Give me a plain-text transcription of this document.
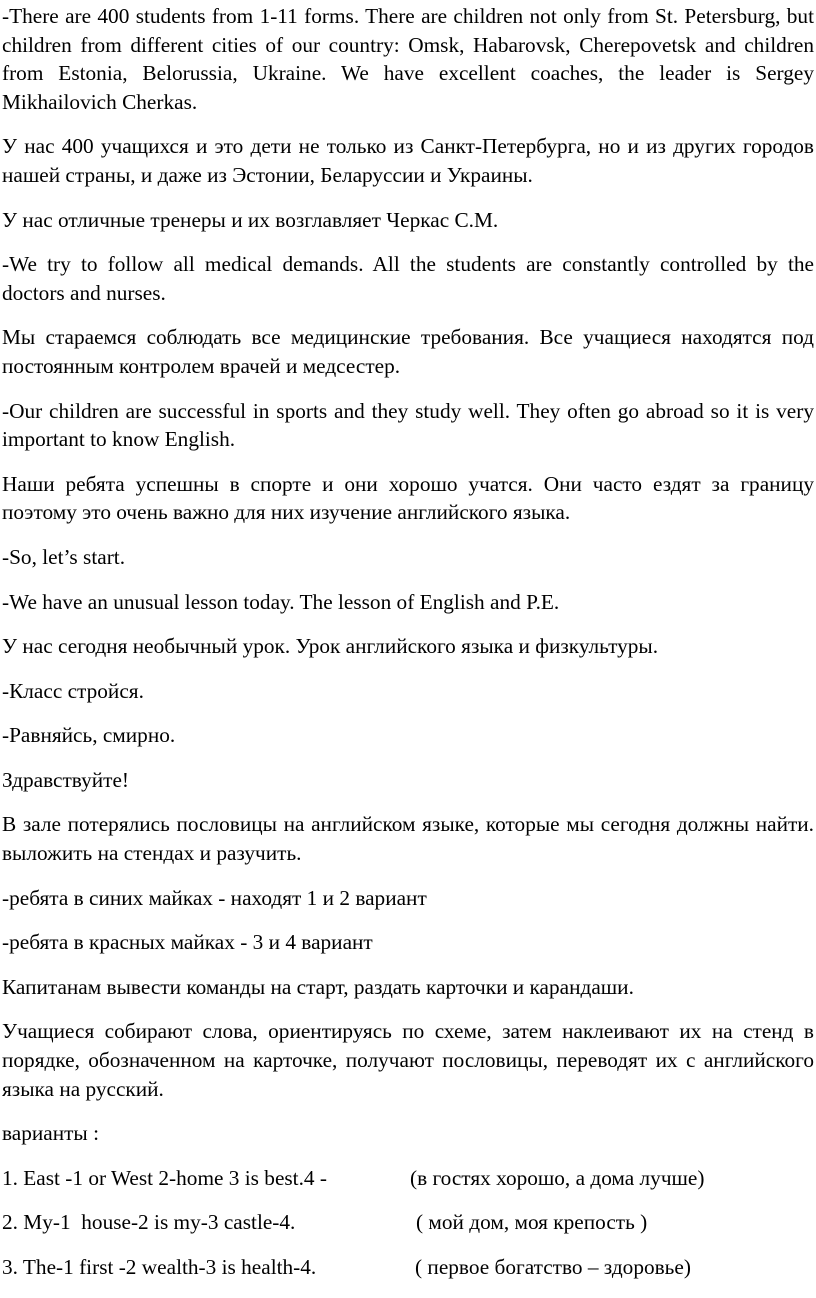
-There are 400 students from 1-11 forms. There are children not only from St. Petersburg, but children from different cities of our country: Omsk, Habarovsk, Cherepovetsk and children from Estonia, Belorussia, Ukraine. We have excellent coaches, the leader is Sergey Mikhailovich Cherkas.

У нас 400 учащихся и это дети не только из Санкт-Петербурга, но и из других городов нашей страны, и даже из Эстонии, Беларуссии и Украины.

У нас отличные тренеры и их возглавляет Черкас С.М.

-We try to follow all medical demands. All the students are constantly controlled by the doctors and nurses.

Мы стараемся соблюдать все медицинские требования. Все учащиеся находятся под постоянным контролем врачей и медсестер.

-Our children are successful in sports and they study well. They often go abroad so it is very important to know English.

Наши ребята успешны в спорте и они хорошо учатся. Они часто ездят за границу поэтому это очень важно для них изучение английского языка.

-So, let’s start.

-We have an unusual lesson today. The lesson of English and P.E.

У нас сегодня необычный урок. Урок английского языка и физкультуры.

-Класс стройся.

-Равняйсь, смирно.

Здравствуйте!

В зале потерялись пословицы на английском языке, которые мы сегодня должны найти. выложить на стендах и разучить.

-ребята в синих майках - находят 1 и 2 вариант

-ребята в красных майках - 3 и 4 вариант

Капитанам вывести команды на старт, раздать карточки и карандаши.

Учащиеся собирают слова, ориентируясь по схеме, затем наклеивают их на стенд в порядке, обозначенном на карточке, получают пословицы, переводят их с английского языка на русский.

варианты :

1. East -1 or West 2-home 3 is best.4 -	(в гостях хорошо, а дома лучше)
2. My-1  house-2 is my-3 castle-4.	( мой дом, моя крепость )
3. The-1 first -2 wealth-3 is health-4.	( первое богатство – здоровье)
